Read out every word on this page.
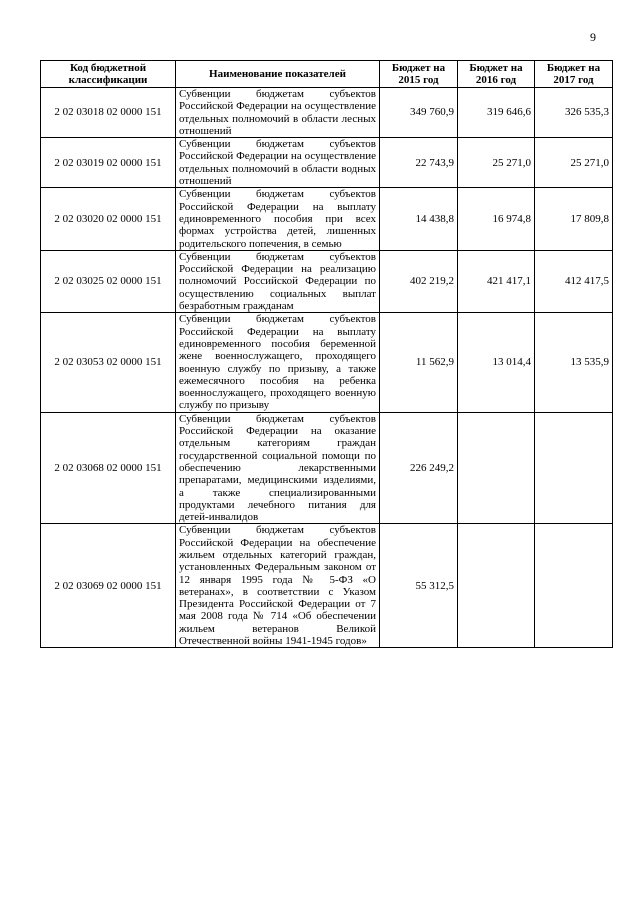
9
Код бюджетной классификации	Наименование показателей	Бюджет на 2015 год	Бюджет на 2016 год	Бюджет на 2017 год
2 02 03018 02 0000 151	Субвенции бюджетам субъектов Российской Федерации на осуществление отдельных полномочий в области лесных отношений	349 760,9	319 646,6	326 535,3
2 02 03019 02 0000 151	Субвенции бюджетам субъектов Российской Федерации на осуществление отдельных полномочий в области водных отношений	22 743,9	25 271,0	25 271,0
2 02 03020 02 0000 151	Субвенции бюджетам субъектов Российской Федерации на выплату единовременного пособия при всех формах устройства детей, лишенных родительского попечения, в семью	14 438,8	16 974,8	17 809,8
2 02 03025 02 0000 151	Субвенции бюджетам субъектов Российской Федерации на реализацию полномочий Российской Федерации по осуществлению социальных выплат безработным гражданам	402 219,2	421 417,1	412 417,5
2 02 03053 02 0000 151	Субвенции бюджетам субъектов Российской Федерации на выплату единовременного пособия беременной жене военнослужащего, проходящего военную службу по призыву, а также ежемесячного пособия на ребенка военнослужащего, проходящего военную службу по призыву	11 562,9	13 014,4	13 535,9
2 02 03068 02 0000 151	Субвенции бюджетам субъектов Российской Федерации на оказание отдельным категориям граждан государственной социальной помощи по обеспечению лекарственными препаратами, медицинскими изделиями, а также специализированными продуктами лечебного питания для детей-инвалидов	226 249,2		
2 02 03069 02 0000 151	Субвенции бюджетам субъектов Российской Федерации на обеспечение жильем отдельных категорий граждан, установленных Федеральным законом от 12 января 1995 года № 5-ФЗ «О ветеранах», в соответствии с Указом Президента Российской Федерации от 7 мая 2008 года № 714 «Об обеспечении жильем ветеранов Великой Отечественной войны 1941-1945 годов»	55 312,5		
